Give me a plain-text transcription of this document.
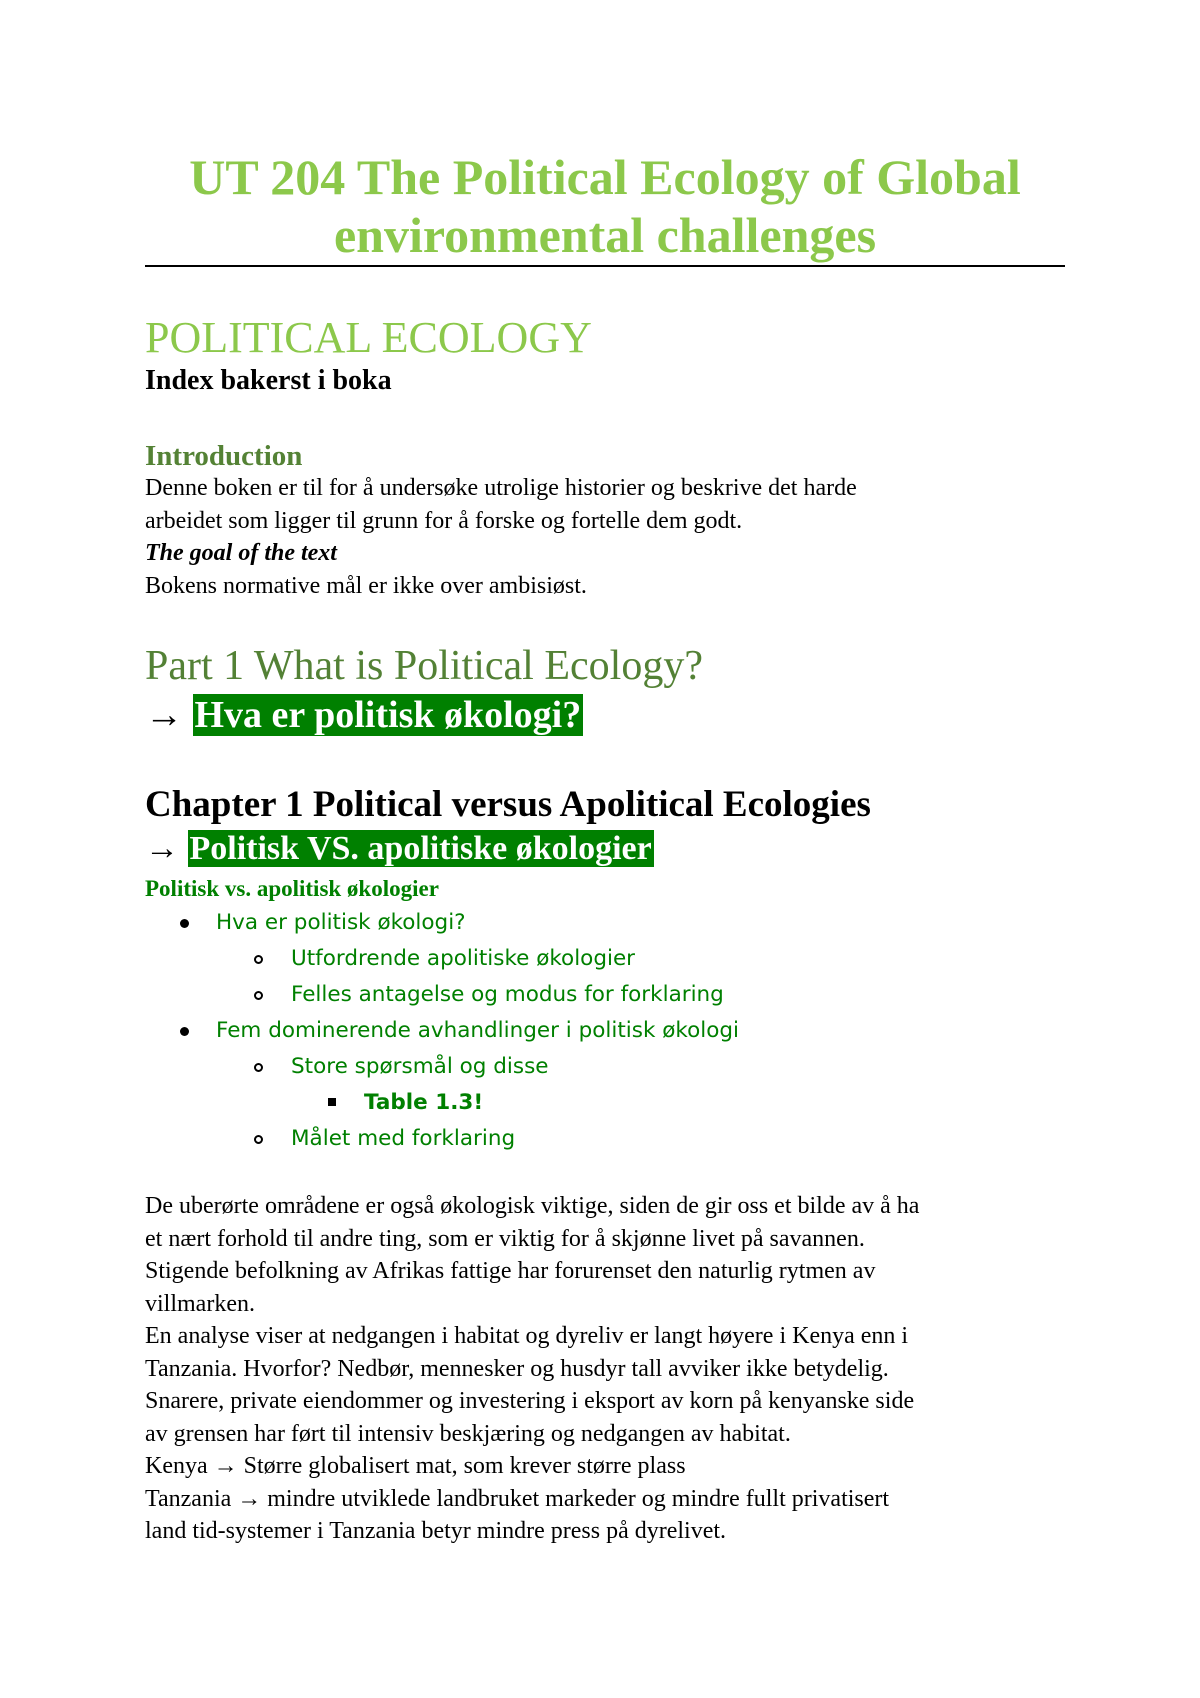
UT 204 The Political Ecology of Global
environmental challenges
POLITICAL ECOLOGY
Index bakerst i boka
Introduction
Denne boken er til for å undersøke utrolige historier og beskrive det harde
arbeidet som ligger til grunn for å forske og fortelle dem godt.
The goal of the text
Bokens normative mål er ikke over ambisiøst.
Part 1 What is Political Ecology?
→ Hva er politisk økologi?
Chapter 1 Political versus Apolitical Ecologies
→ Politisk VS. apolitiske økologier
Politisk vs. apolitisk økologier
Hva er politisk økologi?
Utfordrende apolitiske økologier
Felles antagelse og modus for forklaring
Fem dominerende avhandlinger i politisk økologi
Store spørsmål og disse
Table 1.3!
Målet med forklaring
De uberørte områdene er også økologisk viktige, siden de gir oss et bilde av å ha
et nært forhold til andre ting, som er viktig for å skjønne livet på savannen.
Stigende befolkning av Afrikas fattige har forurenset den naturlig rytmen av
villmarken.
En analyse viser at nedgangen i habitat og dyreliv er langt høyere i Kenya enn i
Tanzania. Hvorfor? Nedbør, mennesker og husdyr tall avviker ikke betydelig.
Snarere, private eiendommer og investering i eksport av korn på kenyanske side
av grensen har ført til intensiv beskjæring og nedgangen av habitat.
Kenya → Større globalisert mat, som krever større plass
Tanzania → mindre utviklede landbruket markeder og mindre fullt privatisert
land tid-systemer i Tanzania betyr mindre press på dyrelivet.
